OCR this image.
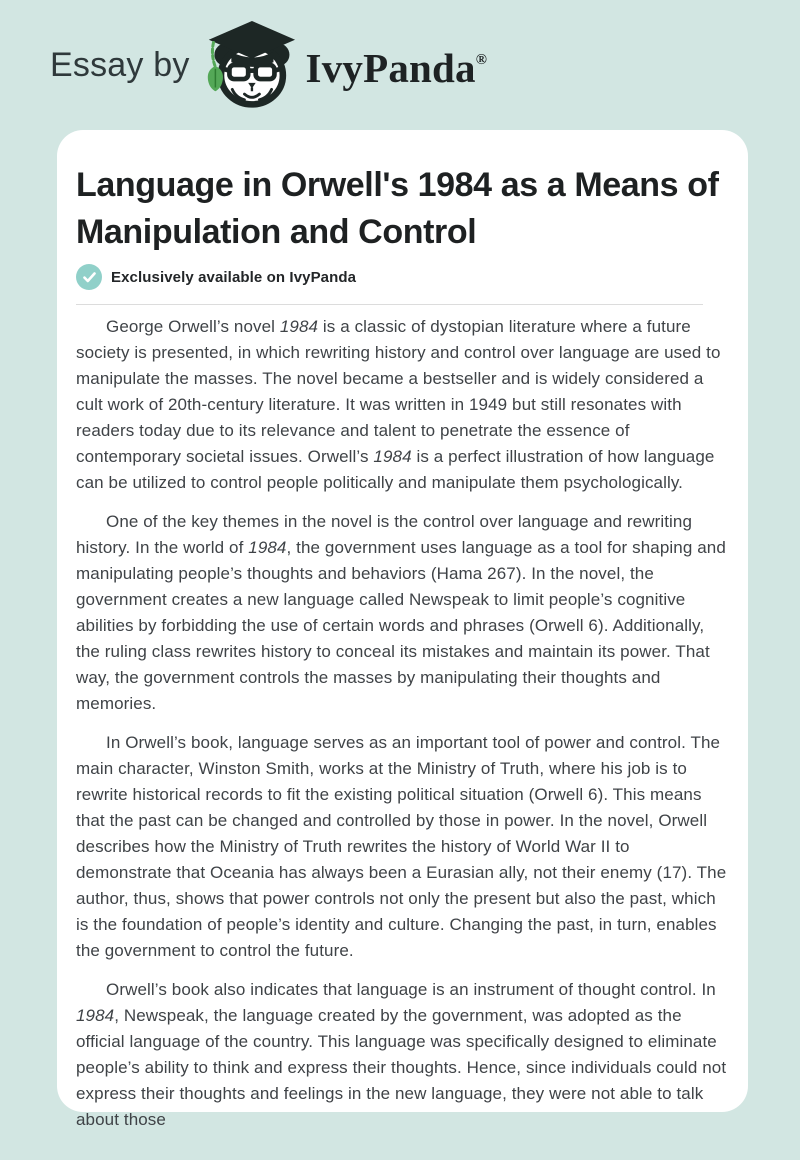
Essay by	IvyPanda®
Language in Orwell's 1984 as a Means of Manipulation and Control
Exclusively available on IvyPanda

George Orwell’s novel 1984 is a classic of dystopian literature where a future society is presented, in which rewriting history and control over language are used to manipulate the masses. The novel became a bestseller and is widely considered a cult work of 20th-century literature. It was written in 1949 but still resonates with readers today due to its relevance and talent to penetrate the essence of contemporary societal issues. Orwell’s 1984 is a perfect illustration of how language can be utilized to control people politically and manipulate them psychologically.

One of the key themes in the novel is the control over language and rewriting history. In the world of 1984, the government uses language as a tool for shaping and manipulating people’s thoughts and behaviors (Hama 267). In the novel, the government creates a new language called Newspeak to limit people’s cognitive abilities by forbidding the use of certain words and phrases (Orwell 6). Additionally, the ruling class rewrites history to conceal its mistakes and maintain its power. That way, the government controls the masses by manipulating their thoughts and memories.

In Orwell’s book, language serves as an important tool of power and control. The main character, Winston Smith, works at the Ministry of Truth, where his job is to rewrite historical records to fit the existing political situation (Orwell 6). This means that the past can be changed and controlled by those in power. In the novel, Orwell describes how the Ministry of Truth rewrites the history of World War II to demonstrate that Oceania has always been a Eurasian ally, not their enemy (17). The author, thus, shows that power controls not only the present but also the past, which is the foundation of people’s identity and culture. Changing the past, in turn, enables the government to control the future.

Orwell’s book also indicates that language is an instrument of thought control. In 1984, Newspeak, the language created by the government, was adopted as the official language of the country. This language was specifically designed to eliminate people’s ability to think and express their thoughts. Hence, since individuals could not express their thoughts and feelings in the new language, they were not able to talk about those
